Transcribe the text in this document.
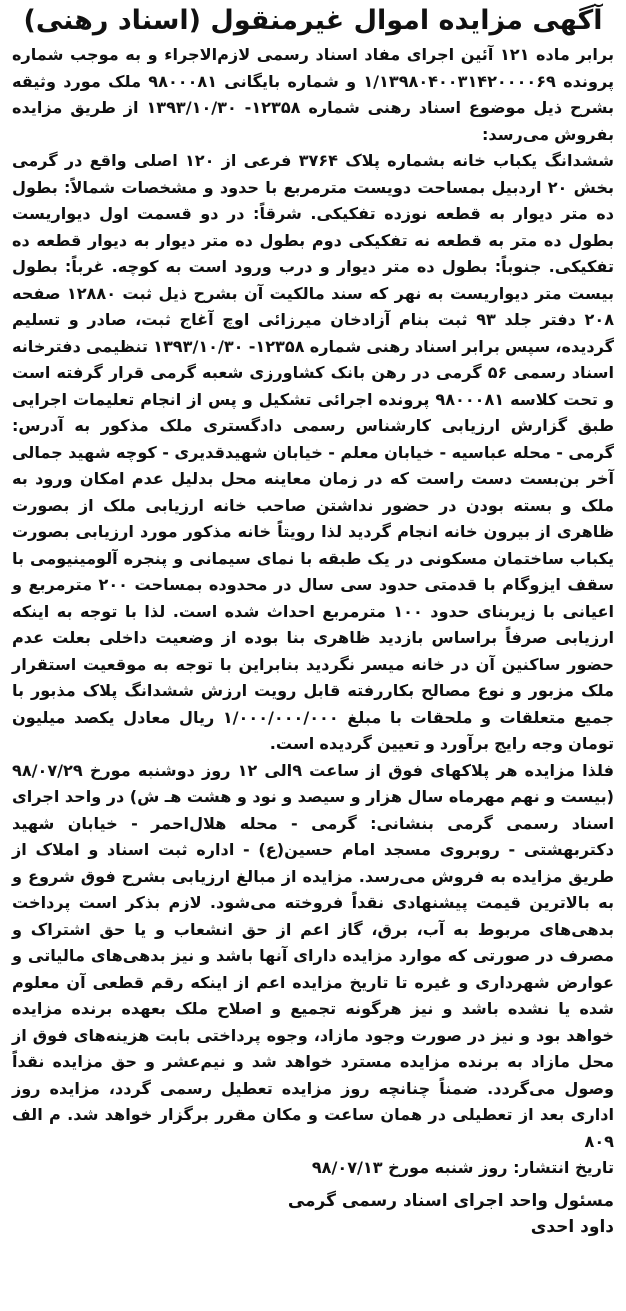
آگهی مزایده اموال غیرمنقول (اسناد رهنی)

برابر ماده ۱۲۱ آئین اجرای مفاد اسناد رسمی لازم‌الاجراء و به موجب شماره پرونده ۱/۱۳۹۸۰۴۰۰۳۱۴۲۰۰۰۰۶۹ و شماره بایگانی ۹۸۰۰۰۸۱ ملک مورد وثیقه بشرح ذیل موضوع اسناد رهنی شماره ۱۲۳۵۸- ۱۳۹۳/۱۰/۳۰ از طریق مزایده بفروش می‌رسد:

ششدانگ یکباب خانه بشماره پلاک ۳۷۶۴ فرعی از ۱۲۰ اصلی واقع در گرمی بخش ۲۰ اردبیل بمساحت دویست مترمربع با حدود و مشخصات شمالاً: بطول ده متر دیوار به قطعه نوزده تفکیکی. شرقاً: در دو قسمت اول دیواریست بطول ده متر به قطعه نه تفکیکی دوم بطول ده متر دیوار به دیوار قطعه ده تفکیکی. جنوباً: بطول ده متر دیوار و درب ورود است به کوچه. غرباً: بطول بیست متر دیواریست به نهر که سند مالکیت آن بشرح ذیل ثبت ۱۲۸۸۰ صفحه ۲۰۸ دفتر جلد ۹۳ ثبت بنام آزادخان میرزائی اوچ آغاج ثبت، صادر و تسلیم گردیده، سپس برابر اسناد رهنی شماره ۱۲۳۵۸- ۱۳۹۳/۱۰/۳۰ تنظیمی دفترخانه اسناد رسمی ۵۶ گرمی در رهن بانک کشاورزی شعبه گرمی قرار گرفته است و تحت کلاسه ۹۸۰۰۰۸۱ پرونده اجرائی تشکیل و پس از انجام تعلیمات اجرایی طبق گزارش ارزیابی کارشناس رسمی دادگستری ملک مذکور به آدرس: گرمی - محله عباسیه - خیابان معلم - خیابان شهیدقدیری - کوچه شهید جمالی آخر بن‌بست دست راست که در زمان معاینه محل بدلیل عدم امکان ورود به ملک و بسته بودن در حضور نداشتن صاحب خانه ارزیابی ملک از بصورت ظاهری از بیرون خانه انجام گردید لذا رویتاً خانه مذکور مورد ارزیابی بصورت یکباب ساختمان مسکونی در یک طبقه با نمای سیمانی و پنجره آلومینیومی با سقف ایزوگام با قدمتی حدود سی سال در محدوده بمساحت ۲۰۰ مترمربع و اعیانی با زیربنای حدود ۱۰۰ مترمربع احداث شده است. لذا با توجه به اینکه ارزیابی صرفاً براساس بازدید ظاهری بنا بوده از وضعیت داخلی بعلت عدم حضور ساکنین آن در خانه میسر نگردید بنابراین با توجه به موقعیت استقرار ملک مزبور و نوع مصالح بکاررفته قابل رویت ارزش ششدانگ پلاک مذبور با جمیع متعلقات و ملحقات با مبلغ ۱/۰۰۰/۰۰۰/۰۰۰ ریال معادل یکصد میلیون تومان وجه رایج برآورد و تعیین گردیده است.

فلذا مزایده هر پلاکهای فوق از ساعت ۹الی ۱۲ روز دوشنبه مورخ ۹۸/۰۷/۲۹ (بیست و نهم مهرماه سال هزار و سیصد و نود و هشت هـ ش) در واحد اجرای اسناد رسمی گرمی بنشانی: گرمی - محله هلال‌احمر - خیابان شهید دکتربهشتی - روبروی مسجد امام حسین(ع) - اداره ثبت اسناد و املاک از طریق مزایده به فروش می‌رسد. مزایده از مبالغ ارزیابی بشرح فوق شروع و به بالاترین قیمت پیشنهادی نقداً فروخته می‌شود. لازم بذکر است پرداخت بدهی‌های مربوط به آب، برق، گاز اعم از حق انشعاب و یا حق اشتراک و مصرف در صورتی که موارد مزایده دارای آنها باشد و نیز بدهی‌های مالیاتی و عوارض شهرداری و غیره تا تاریخ مزایده اعم از اینکه رقم قطعی آن معلوم شده یا نشده باشد و نیز هرگونه تجمیع و اصلاح ملک بعهده برنده مزایده خواهد بود و نیز در صورت وجود مازاد، وجوه پرداختی بابت هزینه‌های فوق از محل مازاد به برنده مزایده مسترد خواهد شد و نیم‌عشر و حق مزایده نقداً وصول می‌گردد. ضمناً چنانچه روز مزایده تعطیل رسمی گردد، مزایده روز اداری بعد از تعطیلی در همان ساعت و مکان مقرر برگزار خواهد شد. م الف ۸۰۹

تاریخ انتشار: روز شنبه مورخ ۹۸/۰۷/۱۳

مسئول واحد اجرای اسناد رسمی گرمی
داود احدی
